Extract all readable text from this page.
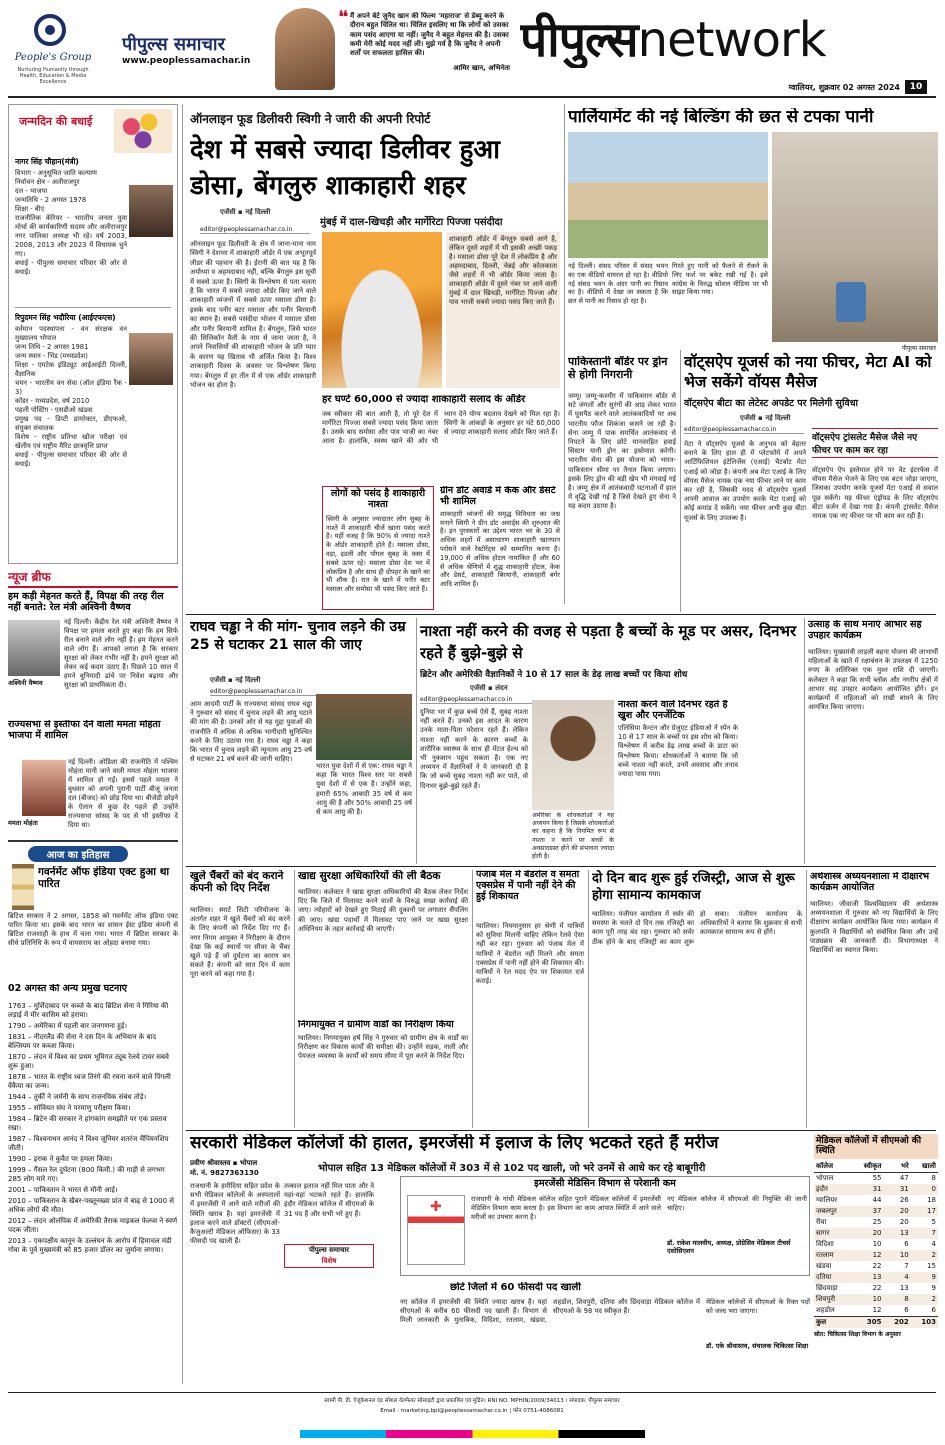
People's Group
Nurturing Humanity through Health, Education & Media Excellence
पीपुल्स समाचार
www.peoplessamachar.in
❝ मैं अपने बेटे जुनैद खान की फिल्म 'महाराज' से डेब्यू करने के दौरान बहुत चिंतित था। चिंतित इसलिए था कि लोगों को उसका काम पसंद आएगा या नहीं। जुनैद ने बहुत मेहनत की है। उसका कमी मेरी कोई मदद नहीं ली। मुझे गर्व है कि जुनैद ने अपनी शर्तों पर सफलता हासिल की।
आमिर खान, अभिनेता पीपुल्सnetwork
ग्वालियर, शुक्रवार 02 अगस्त 2024	10
जन्मदिन की बधाई
नागर सिंह चौहान(मंत्री)
विभाग - अनुसूचित जाति कल्याण
निर्वाचन क्षेत्र - अलीराजपुर
दल - भाजपा
जन्मतिथि - 2 अगस्त 1978
शिक्षा - बीए
राजनीतिक कॅरियर - भारतीय जनता युवा मोर्चा की कार्यकारिणी सदस्य और अलीराजपुर नगर पालिका अध्यक्ष भी रहे। वर्ष 2003, 2008, 2013 और 2023 में विधायक चुने गए।
बधाई - पीपुल्स समाचार परिवार की ओर से बधाई।
रिपुदमन सिंह भदौरिया (आईएफएस)
वर्तमान पदस्थापना - वन संरक्षक वन मुख्यालय भोपाल
जन्म तिथि - 2 अगस्त 1981
जन्म स्थान - भिंड (मध्यप्रदेश)
शिक्षा - एमटेक इंडिट्यूट आईआईटी दिल्ली, वैज्ञानिक
चयन - भारतीय वन सेवा (ऑल इंडिया रैंक - 3)
कॉडर - मध्यप्रदेश, वर्ष 2010
पहली पोस्टिंग - एसडीओ खंडवा
प्रमुख पद - डिप्टी डायरेक्टर, डीएफओ, संयुक्त संचालक
विशेष - राष्ट्रीय प्रतिभा खोज परीक्षा एवं खेलीय एवं राष्ट्रीय मैरिट छात्रवृत्ति प्राप्त
बधाई - पीपुल्स समाचार परिवार की ओर से बधाई।
न्यूज ब्रीफ
हम कड़ी मेहनत करते हैं, विपक्ष की तरह रील नहीं बनाते: रेल मंत्री अश्विनी वैष्णव
अश्विनी वैष्णव
नई दिल्ली। केंद्रीय रेल मंत्री अश्विनी वैष्णव ने विपक्ष पर हमला करते हुए कहा कि हम सिर्फ रील बनाने वाले लोग नहीं हैं। हम मेहनत करने वाले लोग हैं। आपको लगता है कि सरकार सुरक्षा को लेकर गंभीर नहीं है। हमने सुरक्षा को लेकर कई कदम उठाए हैं। पिछले 10 साल में हमने बुनियादी ढांचे पर निवेश बढ़ाया और सुरक्षा को प्राथमिकता दी।
राज्यसभा से इस्तीफा देने वाली ममता मोहंता भाजपा में शामिल
ममता मोहंता
नई दिल्ली। ओडिशा की राजनीति में पश्चिम मोहंता मानी जाने वाली ममता मोहंता भाजपा में शामिल हो गईं। इससे पहले ममता ने बुधवार को अपनी पुरानी पार्टी बीजू जनता दल (बीजद) को छोड़ दिया था। बीजेडी छोड़ने के ऐलान से कुछ देर पहले ही उन्होंने राज्यसभा सांसद के पद से भी इस्तीफा दे दिया था।
आज का इतिहास
गवर्नमेंट ऑफ इंडिया एक्ट हुआ था पारित
ब्रिटिश सरकार ने 2 अगस्त, 1858 को गवर्नमेंट ऑफ इंडिया एक्ट पारित किया था। इसके बाद भारत का शासन ईस्ट इंडिया कंपनी से ब्रिटिश राजशाही के हाथ में चला गया। भारत में ब्रिटिश सरकार के सीधे प्रतिनिधि के रूप में वायसराय का ओहदा बनाया गया।
02 अगस्त की अन्य प्रमुख घटनाएं
1763 – मुर्शिदाबाद पर कब्जे के बाद ब्रिटिश सेना ने गिरिया की लड़ाई में मीर कासिम को हराया।
1790 – अमेरिका में पहली बार जनगणना हुई।
1831 – नीदरलैंड की सेना ने दस दिन के अभियान के बाद बेल्जियम पर कब्जा किया।
1870 – लंदन में विश्व का प्रथम भूमिगत ट्यूब रेलवे टावर सबवे शुरू हुआ।
1878 – भारत के राष्ट्रीय ध्वज तिरंगे की रचना करने वाले पिंगली वेंकैया का जन्म।
1944 – तुर्की ने जर्मनी के साथ राजनयिक संबंध तोड़े।
1955 – सोवियत संघ ने परमाणु परीक्षण किया।
1984 – ब्रिटेन की सरकार ने हांगकांग समझौते पर एक प्रस्ताव रखा।
1987 – विश्वनाथन आनंद ने विश्व जूनियर शतरंज चैंपियनशिप जीती।
1990 – इराक ने कुवैत पर हमला किया।
1999 – गैंसल रेल दुर्घटना (800 किमी.) की गाड़ी से लगभग 285 लोग मारे गए।
2001 – पाकिस्तान ने भारत से मौनी आई।
2010 – पाकिस्तान के खैबर-पख्तूनख्वा प्रांत में बाढ़ से 1000 से अधिक लोगों की मौत।
2012 – लंदन ओलंपिक में अमेरिकी तैराक माइकल फेल्प्स ने स्वर्ण पदक जीता।
2013 – एकपक्षीय कानून के उल्लंघन के आरोप में हिमाचल मंडी गोवा के पूर्व मुख्यमंत्री को 85 हजार डॉलर का जुर्माना लगाया।
ऑनलाइन फूड डिलीवरी स्विगी ने जारी की अपनी रिपोर्ट
देश में सबसे ज्यादा डिलीवर हुआ डोसा, बेंगलुरु शाकाहारी शहर
एजेंसी ▪ नई दिल्ली
मुंबई में दाल-खिचड़ी और मार्गेरिटा पिज्जा पसंदीदा
editor@peoplessamachar.co.in
ऑनलाइन फूड डिलीवरी के क्षेत्र में जाना-माना नाम स्विगी ने देशभर में शाकाहारी ऑर्डर में एक अभूतपूर्व लीडर की पहचान की है। ईरानी की बात यह है कि अयोध्या व अहमदाबाद नहीं, बल्कि बेंगलुरु इस सूची में सबसे ऊपर है। स्विगी के विश्लेषण से पता चलता है कि भारत में सबसे ज्यादा ऑर्डर किए जाने वाले शाकाहारी व्यंजनों में सबसे ऊपर मसाला डोसा है। इसके बाद पनीर बटर मसाला और पनीर बिरयानी का स्थान है। सबसे पसंदीदा भोजन में मसाला डोसा और पनीर बिरयानी शामिल है। बेंगलुरु, जिसे भारत की सिलिकॉन वैली के नाम से जाना जाता है, ने अपने निवासियों की शाकाहारी भोजन के प्रति प्यार के कारण यह खिताब भी अर्जित किया है। विश्व शाकाहारी दिवस के अवसर पर विश्लेषण किया गया। बेंगलुरु में हर तीन में से एक ऑर्डर शाकाहारी भोजन का होता है।
शाकाहारी ऑर्डर में बेंगलुरु सबसे आगे है, लेकिन दूसरे शहरों में भी इसकी अच्छी पकड़ है। मसाला डोसा पूरे देश में लोकप्रिय है और अहमदाबाद, दिल्ली, चेन्नई और कोलकाता जैसे शहरों में भी ऑर्डर किया जाता है। शाकाहारी ऑर्डर में दूसरे नंबर पर आने वाली मुंबई में दाल खिचड़ी, मार्गेरिटा पिज्जा और पाव भाजी सबसे ज्यादा पसंद किए जाते हैं।
हर घण्टे 60,000 से ज्यादा शाकाहारी सलाद के ऑर्डर
जब स्वीकार की बात आती है, तो पूरे देश में मार्गेरिटा पिज्जा सबसे ज्यादा पसंद किया जाता है। उसके बाद समोसा और पाव भाजी का नंबर आता है। हालांकि, स्वस्थ खाने की ओर भी ध्यान देने योग्य बदलाव देखने को मिल रहा है। स्विगी के आंकड़ों के अनुसार हर घंटे 60,000 से ज्यादा शाकाहारी सलाद ऑर्डर किए जाते हैं।
लोगों को पसंद है शाकाहारी नाश्ता
स्विगी के अनुसार ज्यादातर लोग सुबह के नाश्ते में शाकाहारी चीजें खाना पसंद करते हैं। यहीं वजह है कि 90% से ज्यादा नाश्ते के ऑर्डर शाकाहारी होते हैं। मसाला डोसा, वड़ा, इडली और पोंगल सुबह के वक्त में सबसे ऊपर रहे। मसाला डोसा देश भर में लोकप्रिय है और साथ ही दोपहर के खाने का भी शौक है। रात के खाने में पनीर बटर मसाला और समोसा भी पसंद किए जाते हैं।
ग्रीन डॉट अवार्ड में केक और डेसर्ट भी शामिल
शाकाहारी व्यंजनों की समृद्ध विविधता का जश्न मनाने स्विगी ने ग्रीन डॉट अवार्ड्स की शुरुआत की है। इन पुरस्कारों का उद्देश्य भारत भर के 30 से अधिक शहरों में असाधारण शाकाहारी खानपान परोसने वाले रेस्टोरेंट्स को सम्मानित करना है। 19,000 से अधिक होटल नामांकित हैं और 60 से अधिक श्रेणियों में शुद्ध शाकाहारी होटल, केक और डेसर्ट, शाकाहारी बिरयानी, शाकाहारी बर्गर आदि शामिल हैं।
पार्लियामेंट की नई बिल्डिंग की छत से टपका पानी
नई दिल्ली। संसद परिसर में संसद भवन का एक वीडियो वायरल हो रहा है। वीडियो नई संसद भवन के अंदर पानी का रिसाव का है। वीडियो में देखा जा सकता है कि छत से पानी का रिसाव हो रहा है।
गिरते हुए पानी को फैलने से रोकने के लिए फर्श पर बकेट रखी गई है। इसे कांग्रेस के विरुद्ध सोशल मीडिया पर भी साझा किया गया।
पीपुल्स समाचार
पाकिस्तानी बॉर्डर पर ड्रोन से होगी निगरानी
जम्मू। जम्मू-कश्मीर में पाकिस्तान बॉर्डर से सटे जंगलों और सुरंगों की आड़ लेकर भारत में घुसपैठ करने वाले आतंकवादियों पर अब भारतीय फौज शिकंजा कसने जा रही है। सेना जम्मू में पाक समर्थित आतंकवाद से निपटने के लिए छोटे मानवरहित हवाई सिस्टम यानी ड्रोन का इस्तेमाल करेगी। भारतीय सेना की इस योजना को भारत-पाकिस्तान सीमा पर तैनात किया जाएगा। इसके लिए ड्रोन की बड़ी खेप भी मंगवाई गई है। जम्मू क्षेत्र में आतंकवादी घटनाओं में हाल में वृद्धि देखी गई है जिसे देखते हुए सेना ने यह कदम उठाया है।
वॉट्सऐप यूजर्स को नया फीचर, मेटा AI को भेज सकेंगे वॉयस मैसेज
वॉट्सऐप बीटा का लेटेस्ट अपडेट पर मिलेगी सुविधा
एजेंसी ▪ नई दिल्ली
editor@peoplessamachar.co.in
वॉट्सऐप ट्रांसलेट मैसेज जैसे नए फीचर पर काम कर रहा
मेटा ने वॉट्सऐप यूजर्स के अनुभव को बेहतर बनाने के लिए हाल ही में प्लेटफॉर्म में अपने आर्टिफिशियल इंटेलिजेंस (एआई) चैटबॉट मेटा एआई को जोड़ा है। कंपनी अब मेटा एआई के लिए वॉयस मैसेज नामक एक नया फीचर लाने पर काम कर रही है, जिसकी मदद से वॉट्सऐप यूजर्स अपनी आवाज का उपयोग करके मेटा एआई को कोई कमांड दे सकेंगे। नया फीचर अभी कुछ बीटा यूजर्स के लिए उपलब्ध है।
वॉट्सऐप ऐप इस्तेमाल होने पर वेट इंटरफेस में वॉयस मैसेज भेजने के लिए एक बटन जोड़ा जाएगा, जिसका उपयोग करके यूजर्स मेटा एआई से सवाल पूछ सकेंगे। यह फीचर एंड्रॉयड के लिए वॉट्सऐप बीटा वर्जन में देखा गया है। कंपनी ट्रांसलेट मैसेज नामक एक नए फीचर पर भी काम कर रही है।
राघव चड्ढा ने की मांग- चुनाव लड़ने की उम्र 25 से घटाकर 21 साल की जाए
एजेंसी ▪ नई दिल्ली
editor@peoplessamachar.co.in
आम आदमी पार्टी के राज्यसभा सांसद राघव चड्ढा ने गुरुवार को संसद में चुनाव लड़ने की आयु घटाने की मांग की है। उनको ओर से यह मुद्दा युवाओं की राजनीति में अधिक से अधिक भागीदारी सुनिश्चित करने के लिए उठाया गया है। राघव चड्ढा ने कहा कि भारत में चुनाव लड़ने की न्यूनतम आयु 25 वर्ष से घटाकर 21 वर्ष करने की जानी चाहिए।
भारत युवा देशों में से एक: राघव चड्ढा ने कहा कि भारत विश्व स्तर पर सबसे युवा देशों में से एक है। उन्होंने कहा, हमारी 65% आबादी 35 वर्ष से कम आयु की है और 50% आबादी 25 वर्ष से कम आयु की है।
नाश्ता नहीं करने की वजह से पड़ता है बच्चों के मूड पर असर, दिनभर रहते हैं बुझे-बुझे से
ब्रिटेन और अमेरिकी वैज्ञानिकों ने 10 से 17 साल के डेढ़ लाख बच्चों पर किया शोध
एजेंसी ▪ लंदन
editor@peoplessamachar.co.in
दुनिया भर में कुछ बच्चे ऐसे हैं, सुबह नाश्ता नहीं करते हैं। उनको इस आदत के कारण उनके माता-पिता परेशान रहते हैं। लेकिन नाश्ता नहीं करने के कारण बच्चों के शारीरिक स्वास्थ्य के साथ ही मेंटल हेल्थ को भी नुकसान पहुंच सकता है। एक नए अध्ययन में वैज्ञानिकों ने ये जानकारी दी है कि जो बच्चे सुबह नाश्ता नहीं कर पाते, वो दिनभर बुझे-बुझे रहते हैं।
अमेरिका के शोधकर्ताओं ने यह अध्ययन किया है जिसके शोधकर्ताओं का कहना है कि नियमित रूप से नाश्ता न करने पर बच्चों के अवसादग्रस्त होने की संभावना ज्यादा होती है।
नाश्ता करने वाले दिनभर रहते हैं खुश और एनर्जेटिक
एलिसिया कैन्टन और ग्रेजुएट इंडियाओ ने स्पेन के 10 से 17 साल के बच्चों पर इस शोध को किया। विश्लेषण में करीब डेढ़ लाख बच्चों के डाटा का विश्लेषण किया। शोधकर्ताओं ने बताया कि जो बच्चे नाश्ता नहीं करते, उनमें अवसाद और तनाव ज्यादा पाया गया।
उत्साह के साथ मनाएं आभार सह उपहार कार्यक्रम
ग्वालियर। मुख्यमंत्री लाड़ली बहना योजना की लाभार्थी महिलाओं के खाते में रक्षाबंधन के उपलक्ष्य में 1250 रुपए के अतिरिक्त एक मुश्त राशि दी जाएगी। कलेक्टर ने कहा कि सभी ब्लॉक और नगरीय क्षेत्रों में आभार सह उपहार कार्यक्रम आयोजित होंगे। इन कार्यक्रमों में महिलाओं को राखी बांधने के लिए आमंत्रित किया जाएगा।
खुले चैंबरों को बंद कराने कंपनी को दिए निर्देश
ग्वालियर। स्मार्ट सिटी परियोजना के अंतर्गत शहर में खुले चैंबरों को बंद करने के लिए कंपनी को निर्देश दिए गए हैं। नगर निगम आयुक्त ने निरीक्षण के दौरान देखा कि कई स्थानों पर सीवर के चैंबर खुले पड़े हैं जो दुर्घटना का कारण बन सकते हैं। कंपनी को सात दिन में काम पूरा करने को कहा गया है।
खाद्य सुरक्षा अधिकारियों की ली बैठक
ग्वालियर। कलेक्टर ने खाद्य सुरक्षा अधिकारियों की बैठक लेकर निर्देश दिए कि जिले में मिलावट करने वालों के विरुद्ध सख्त कार्रवाई की जाए। त्योहारों को देखते हुए मिठाई की दुकानों पर लगातार सैंपलिंग की जाए। खाद्य पदार्थों में मिलावट पाए जाने पर खाद्य सुरक्षा अधिनियम के तहत कार्रवाई की जाएगी।
निगमायुक्त ने ग्रामीण वार्डों का निरीक्षण किया
ग्वालियर। निगमायुक्त हर्ष सिंह ने गुरुवार को ग्रामीण क्षेत्र के वार्डों का निरीक्षण कर विकास कार्यों की समीक्षा की। उन्होंने सड़क, नाली और पेयजल व्यवस्था के कार्यों को समय सीमा में पूरा करने के निर्देश दिए।
पंजाब मेल में बेडरोल व समता एक्सप्रेस में पानी नहीं देने की हुई शिकायत
ग्वालियर। नियमानुसार हर श्रेणी में यात्रियों को सुविधा मिलनी चाहिए लेकिन रेलवे ऐसा नहीं कर रहा। गुरुवार को पंजाब मेल में यात्रियों ने बेडरोल नहीं मिलने और समता एक्सप्रेस में पानी नहीं होने की शिकायत की। यात्रियों ने रेल मदद ऐप पर शिकायत दर्ज कराई।
दो दिन बाद शुरू हुई रजिस्ट्री, आज से शुरू होगा सामान्य कामकाज
ग्वालियर। पंजीयन कार्यालय में सर्वर की समस्या के चलते दो दिन तक रजिस्ट्री का काम पूरी तरह बंद रहा। गुरुवार को सर्वर ठीक होने के बाद रजिस्ट्री का काम शुरू हो सका। पंजीयन कार्यालय के अधिकारियों ने बताया कि शुक्रवार से सभी कामकाज सामान्य रूप से होंगे।
अर्थशास्त्र अध्ययनशाला में दीक्षारंभ कार्यक्रम आयोजित
ग्वालियर। जीवाजी विश्वविद्यालय की अर्थशास्त्र अध्ययनशाला में गुरुवार को नए विद्यार्थियों के लिए दीक्षारंभ कार्यक्रम आयोजित किया गया। कार्यक्रम में कुलपति ने विद्यार्थियों को संबोधित किया और उन्हें पाठ्यक्रम की जानकारी दी। विभागाध्यक्ष ने विद्यार्थियों का स्वागत किया।
सरकारी मेडिकल कॉलेजों की हालत, इमरजेंसी में इलाज के लिए भटकते रहते हैं मरीज
प्रवीण श्रीवास्तव ▪ भोपाल
मो. नं. 9827363130	भोपाल सहित 13 मेडिकल कॉलेजों में 303 में से 102 पद खाली, जो भरे उनमें से आधे कर रहे बाबूगीरी
राजधानी के हमीदिया सहित प्रदेश के सभी मेडिकल कॉलेजों के अस्पतालों में इमरजेंसी में आने वाले मरीजों की स्थिति खराब है। यहां इमरजेंसी में इलाज करने वाले डॉक्टरों (सीएमओ-कैजुअल्टी मेडिकल ऑफिसर) के 33 फीसदी पद खाली हैं।
तत्काल इलाज नहीं मिल पाता और वे यहां-वहां भटकते रहते हैं। हालांकि इंदौर मेडिकल कॉलेज में सीएमओ के 31 पद हैं और सभी भरे हुए हैं।
पीपुल्स समाचार
विशेष
इमरजेंसी मेडिसिन विभाग से परेशानी कम
✚	राजधानी के गांधी मेडिकल कॉलेज सहित पुराने मेडिकल कॉलेजों में इमरजेंसी मेडिसिन विभाग काम करता है। इस विभाग का काम आपात स्थिति में आने वाले मरीजों का उपचार करना है।
नए मेडिकल कॉलेज में सीएमओ की नियुक्ति की जानी चाहिए।
डॉ. राकेश मालवीय, अध्यक्ष, प्रोग्रेसिव मेडिकल टीचर्स एसोसिएशन
छोटे जिलों में 60 फीसदी पद खाली
नए कॉलेज में इमरजेंसी की स्थिति ज्यादा खराब है। यहां सीएमओ के करीब 60 फीसदी पद खाली हैं। विभाग से मिली जानकारी के मुताबिक, विदिशा, रतलाम, खंडवा, शहडोल, शिवपुरी, दतिया और छिंदवाड़ा मेडिकल कॉलेज में सीएमओ के 98 पद स्वीकृत हैं।
मेडिकल कॉलेजों में सीएमओ के रिक्त पदों को जल्द भरा जाएगा।
डॉ. एके श्रीवास्तव, संचालक चिकित्सा शिक्षा
मेडिकल कॉलेजों में सीएमओ की स्थिति
कॉलेज	स्वीकृत	भरे	खाली
भोपाल	55	47	8
इंदौर	31	31	0
ग्वालियर	44	26	18
जबलपुर	37	20	17
रीवा	25	20	5
सागर	20	13	7
विदिशा	10	6	4
रतलाम	12	10	2
खंडवा	22	7	15
दतिया	13	4	9
छिंदवाड़ा	22	13	9
शिवपुरी	10	8	2
शहडोल	12	6	6
कुल	305	202	103
स्रोत: चिकित्सा शिक्षा विभाग के अनुसार
स्वामी पी. डी. ऐजुकेशनल एंड सोशल वेलफेयर सोसाइटी द्वारा प्रकाशित एवं मुद्रित। RNI NO. MPHIN/2009/34013 । संपादक: पीपुल्स समाचार
Email : marketing.bpl@peoplessamachar.co.in | फोन 0751-4086081
